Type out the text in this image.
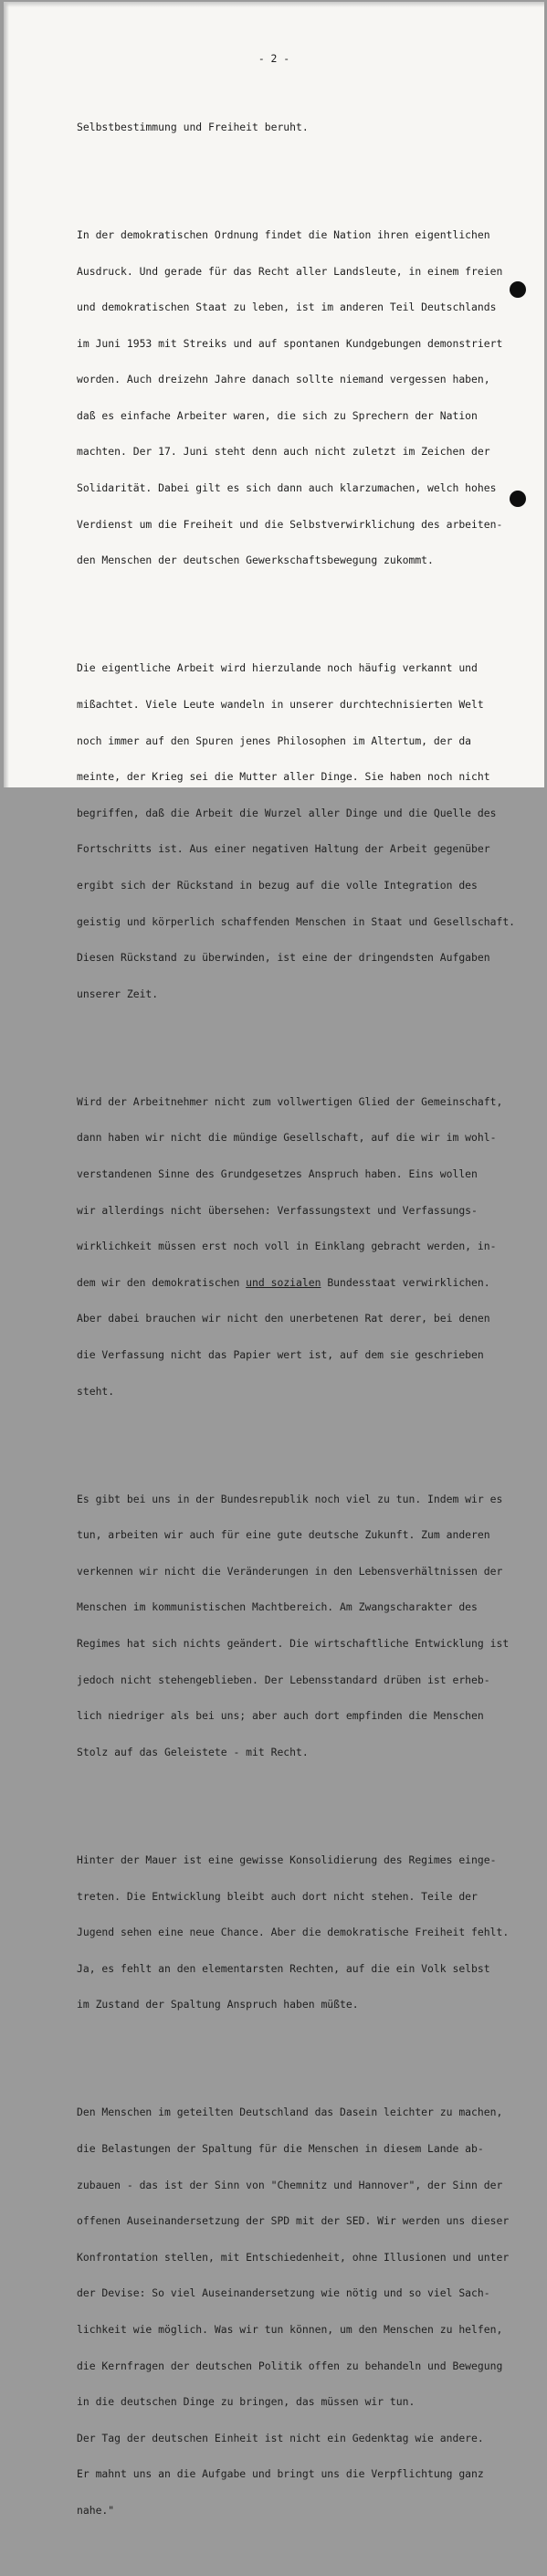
- 2 -

Selbstbestimmung und Freiheit beruht.

In der demokratischen Ordnung findet die Nation ihren eigentlichen

Ausdruck. Und gerade für das Recht aller Landsleute, in einem freien

und demokratischen Staat zu leben, ist im anderen Teil Deutschlands

im Juni 1953 mit Streiks und auf spontanen Kundgebungen demonstriert

worden. Auch dreizehn Jahre danach sollte niemand vergessen haben,

daß es einfache Arbeiter waren, die sich zu Sprechern der Nation

machten. Der 17. Juni steht denn auch nicht zuletzt im Zeichen der

Solidarität. Dabei gilt es sich dann auch klarzumachen, welch hohes

Verdienst um die Freiheit und die Selbstverwirklichung des arbeiten-

den Menschen der deutschen Gewerkschaftsbewegung zukommt.

Die eigentliche Arbeit wird hierzulande noch häufig verkannt und

mißachtet. Viele Leute wandeln in unserer durchtechnisierten Welt

noch immer auf den Spuren jenes Philosophen im Altertum, der da

meinte, der Krieg sei die Mutter aller Dinge. Sie haben noch nicht

begriffen, daß die Arbeit die Wurzel aller Dinge und die Quelle des

Fortschritts ist. Aus einer negativen Haltung der Arbeit gegenüber

ergibt sich der Rückstand in bezug auf die volle Integration des

geistig und körperlich schaffenden Menschen in Staat und Gesellschaft.

Diesen Rückstand zu überwinden, ist eine der dringendsten Aufgaben

unserer Zeit.

Wird der Arbeitnehmer nicht zum vollwertigen Glied der Gemeinschaft,

dann haben wir nicht die mündige Gesellschaft, auf die wir im wohl-

verstandenen Sinne des Grundgesetzes Anspruch haben. Eins wollen

wir allerdings nicht übersehen: Verfassungstext und Verfassungs-

wirklichkeit müssen erst noch voll in Einklang gebracht werden, in-

dem wir den demokratischen und sozialen Bundesstaat verwirklichen.

Aber dabei brauchen wir nicht den unerbetenen Rat derer, bei denen

die Verfassung nicht das Papier wert ist, auf dem sie geschrieben

steht.

Es gibt bei uns in der Bundesrepublik noch viel zu tun. Indem wir es

tun, arbeiten wir auch für eine gute deutsche Zukunft. Zum anderen

verkennen wir nicht die Veränderungen in den Lebensverhältnissen der

Menschen im kommunistischen Machtbereich. Am Zwangscharakter des

Regimes hat sich nichts geändert. Die wirtschaftliche Entwicklung ist

jedoch nicht stehengeblieben. Der Lebensstandard drüben ist erheb-

lich niedriger als bei uns; aber auch dort empfinden die Menschen

Stolz auf das Geleistete - mit Recht.

Hinter der Mauer ist eine gewisse Konsolidierung des Regimes einge-

treten. Die Entwicklung bleibt auch dort nicht stehen. Teile der

Jugend sehen eine neue Chance. Aber die demokratische Freiheit fehlt.

Ja, es fehlt an den elementarsten Rechten, auf die ein Volk selbst

im Zustand der Spaltung Anspruch haben müßte.

Den Menschen im geteilten Deutschland das Dasein leichter zu machen,

die Belastungen der Spaltung für die Menschen in diesem Lande ab-

zubauen - das ist der Sinn von "Chemnitz und Hannover", der Sinn der

offenen Auseinandersetzung der SPD mit der SED. Wir werden uns dieser

Konfrontation stellen, mit Entschiedenheit, ohne Illusionen und unter

der Devise: So viel Auseinandersetzung wie nötig und so viel Sach-

lichkeit wie möglich. Was wir tun können, um den Menschen zu helfen,

die Kernfragen der deutschen Politik offen zu behandeln und Bewegung

in die deutschen Dinge zu bringen, das müssen wir tun.

Der Tag der deutschen Einheit ist nicht ein Gedenktag wie andere.

Er mahnt uns an die Aufgabe und bringt uns die Verpflichtung ganz

nahe."
